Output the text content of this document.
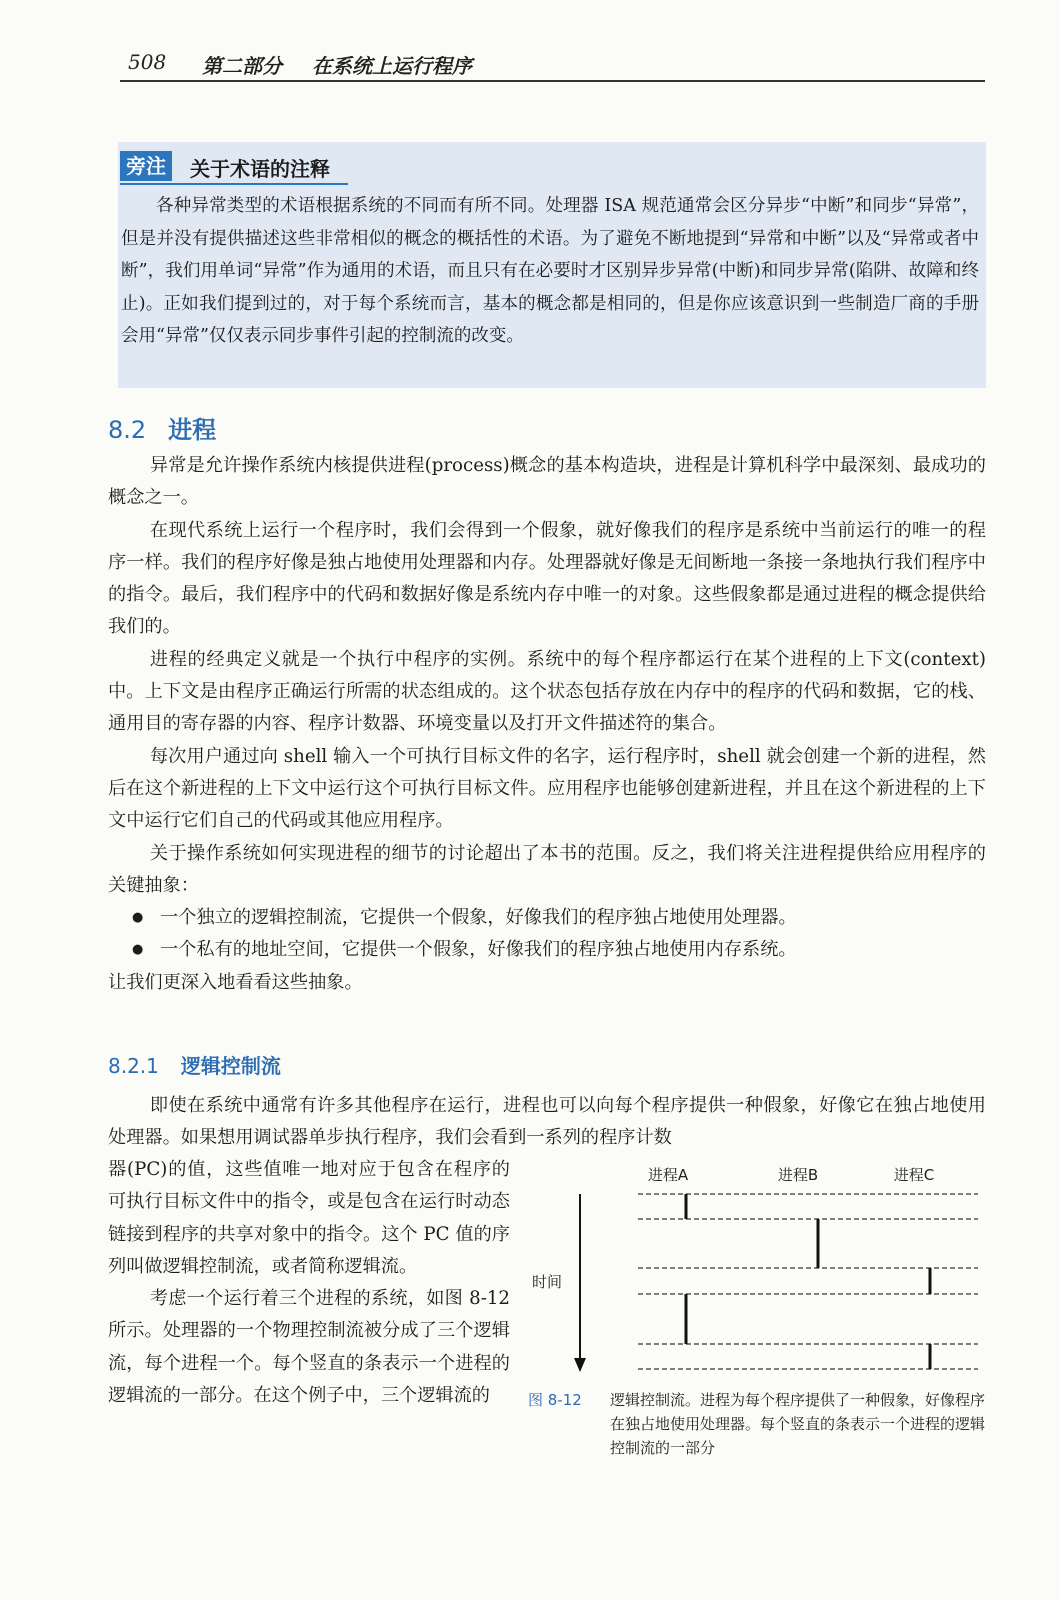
508 第二部分 在系统上运行程序
旁注	关于术语的注释

各种异常类型的术语根据系统的不同而有所不同。处理器 ISA 规范通常会区分异步“中断”和同步“异常”，但是并没有提供描述这些非常相似的概念的概括性的术语。为了避免不断地提到“异常和中断”以及“异常或者中断”，我们用单词“异常”作为通用的术语，而且只有在必要时才区别异步异常(中断)和同步异常(陷阱、故障和终止)。正如我们提到过的，对于每个系统而言，基本的概念都是相同的，但是你应该意识到一些制造厂商的手册会用“异常”仅仅表示同步事件引起的控制流的改变。

8.2 进程

异常是允许操作系统内核提供进程(process)概念的基本构造块，进程是计算机科学中最深刻、最成功的概念之一。

在现代系统上运行一个程序时，我们会得到一个假象，就好像我们的程序是系统中当前运行的唯一的程序一样。我们的程序好像是独占地使用处理器和内存。处理器就好像是无间断地一条接一条地执行我们程序中的指令。最后，我们程序中的代码和数据好像是系统内存中唯一的对象。这些假象都是通过进程的概念提供给我们的。

进程的经典定义就是一个执行中程序的实例。系统中的每个程序都运行在某个进程的上下文(context)中。上下文是由程序正确运行所需的状态组成的。这个状态包括存放在内存中的程序的代码和数据，它的栈、通用目的寄存器的内容、程序计数器、环境变量以及打开文件描述符的集合。

每次用户通过向 shell 输入一个可执行目标文件的名字，运行程序时，shell 就会创建一个新的进程，然后在这个新进程的上下文中运行这个可执行目标文件。应用程序也能够创建新进程，并且在这个新进程的上下文中运行它们自己的代码或其他应用程序。

关于操作系统如何实现进程的细节的讨论超出了本书的范围。反之，我们将关注进程提供给应用程序的关键抽象：

● 一个独立的逻辑控制流，它提供一个假象，好像我们的程序独占地使用处理器。
● 一个私有的地址空间，它提供一个假象，好像我们的程序独占地使用内存系统。

让我们更深入地看看这些抽象。

8.2.1 逻辑控制流

即使在系统中通常有许多其他程序在运行，进程也可以向每个程序提供一种假象，好像它在独占地使用处理器。如果想用调试器单步执行程序，我们会看到一系列的程序计数

器(PC)的值，这些值唯一地对应于包含在程序的可执行目标文件中的指令，或是包含在运行时动态链接到程序的共享对象中的指令。这个 PC 值的序列叫做逻辑控制流，或者简称逻辑流。

考虑一个运行着三个进程的系统，如图 8-12 所示。处理器的一个物理控制流被分成了三个逻辑流，每个进程一个。每个竖直的条表示一个进程的逻辑流的一部分。在这个例子中，三个逻辑流的

进程A	进程B	进程C
时间
图 8-12 逻辑控制流。进程为每个程序提供了一种假象，好像程序在独占地使用处理器。每个竖直的条表示一个进程的逻辑控制流的一部分
